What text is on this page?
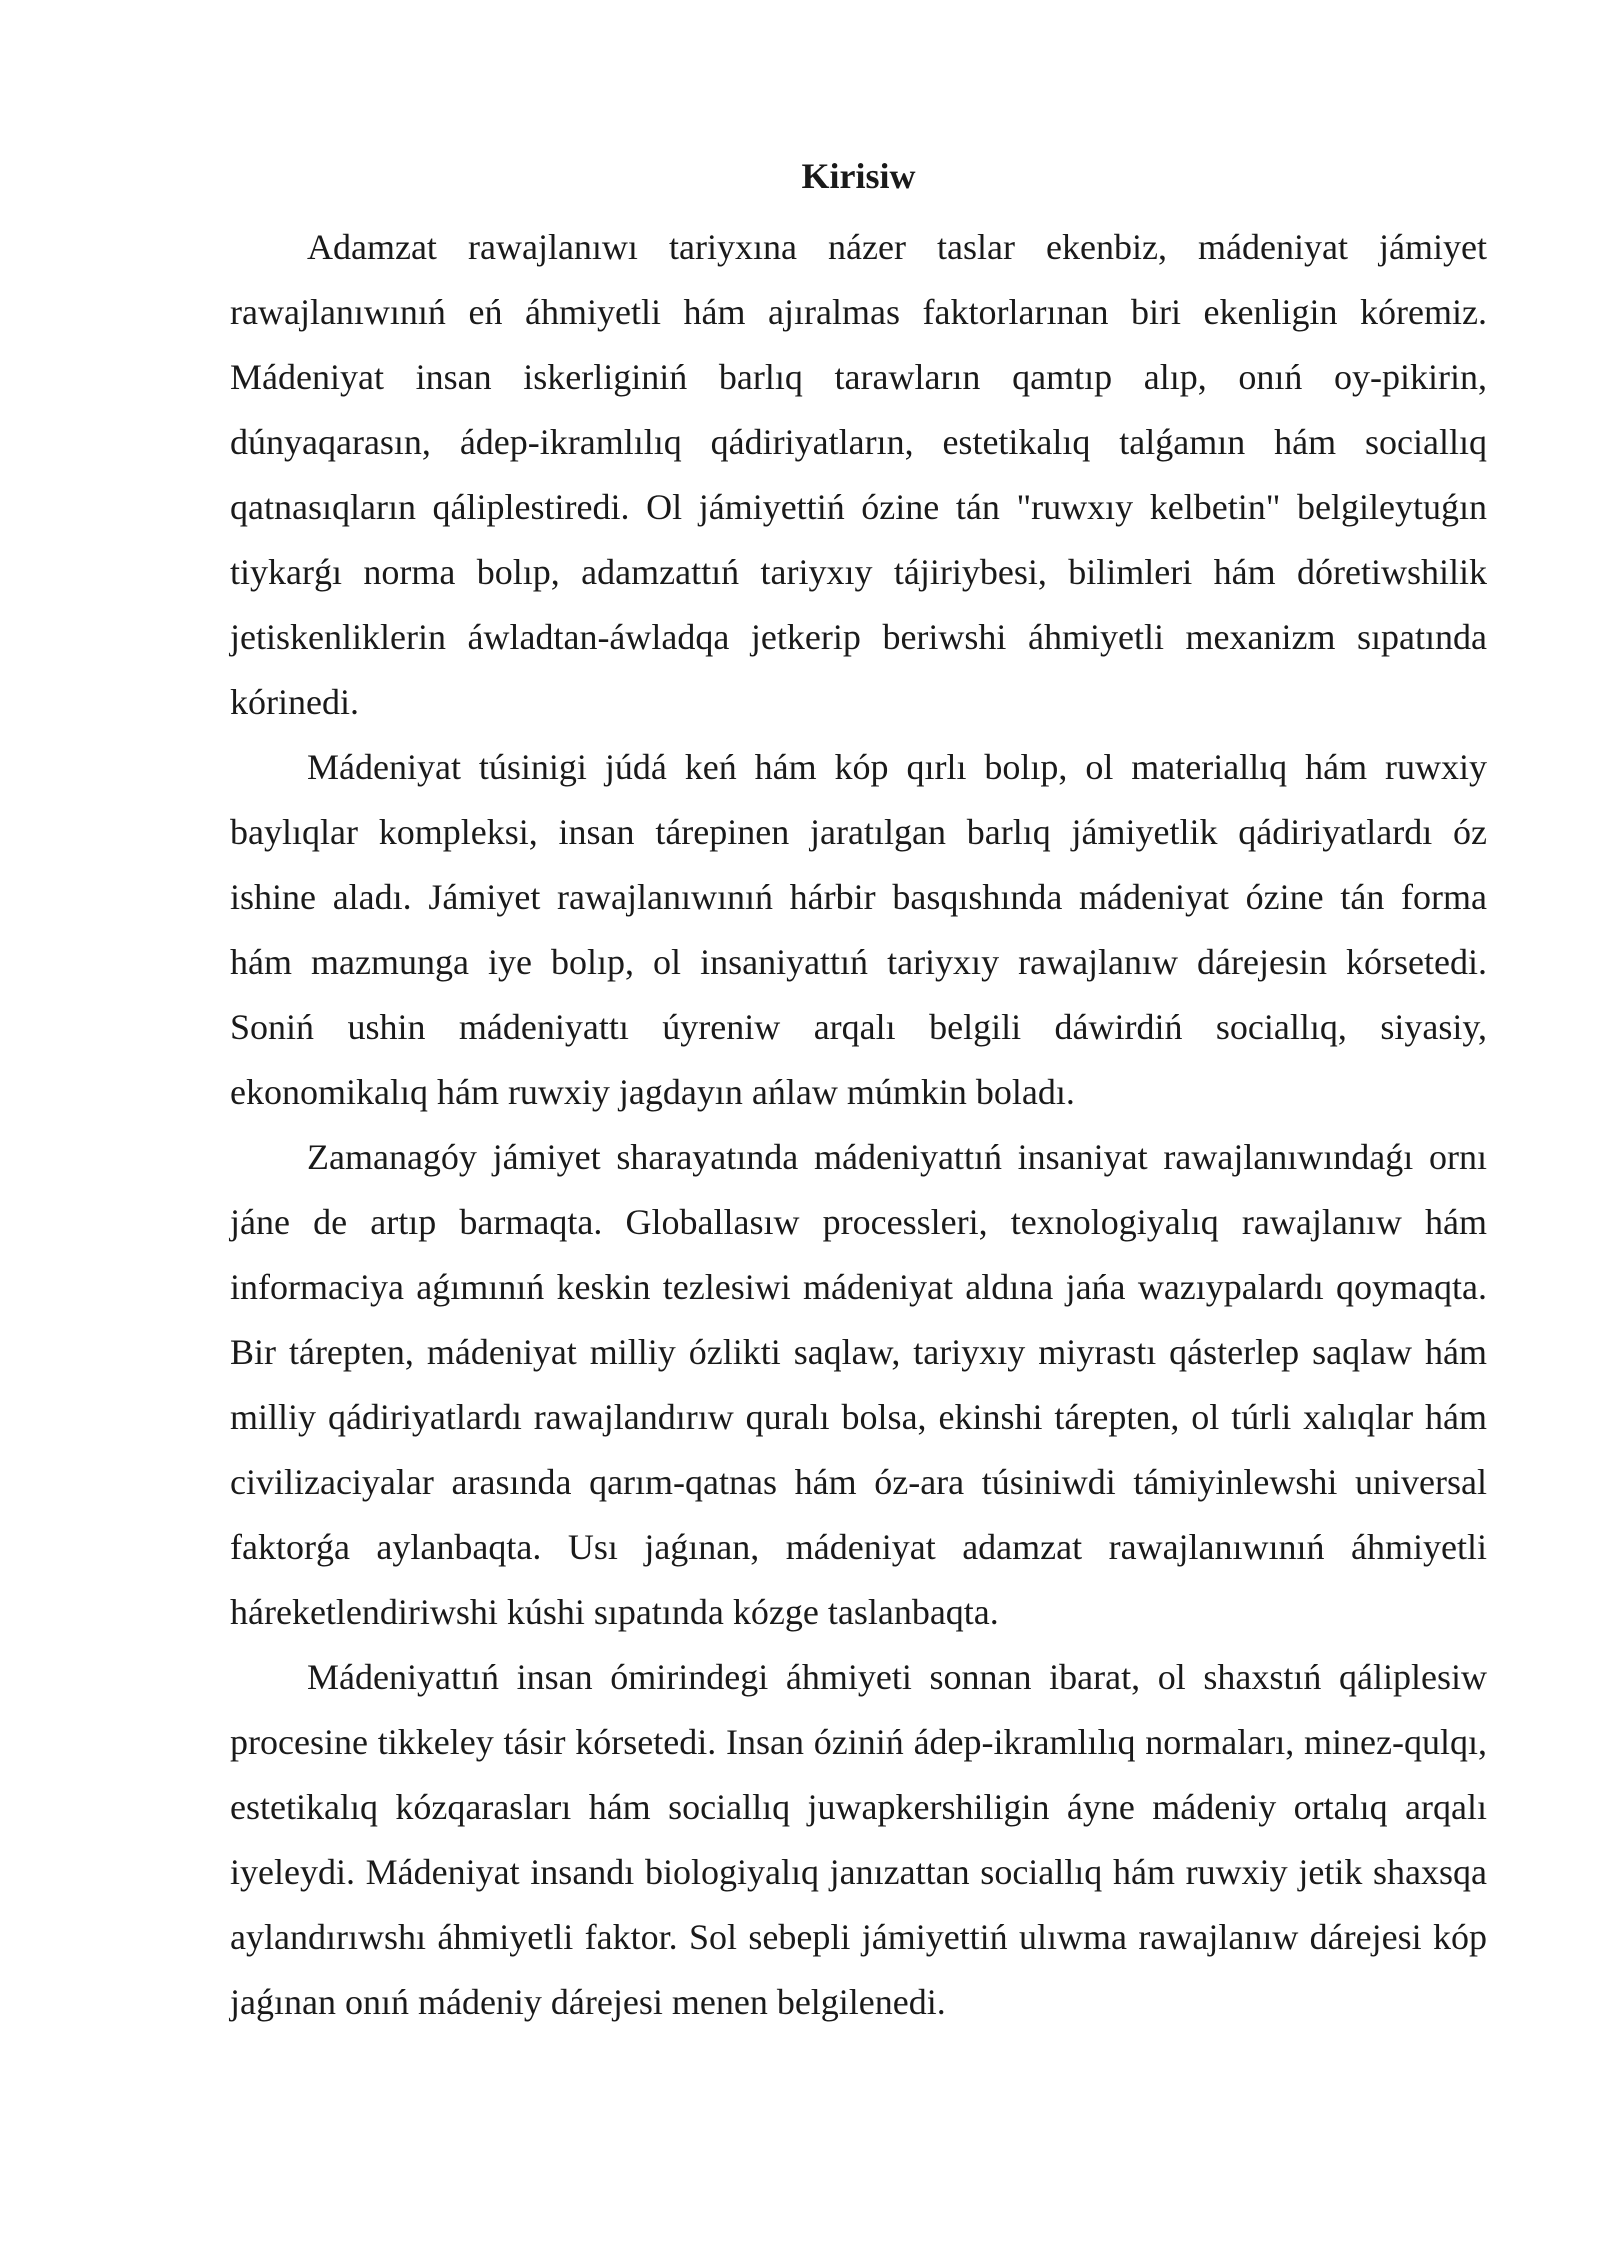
Kirisiw

Adamzat rawajlanıwı tariyxına názer taslar ekenbiz, mádeniyat jámiyet rawajlanıwınıń eń áhmiyetli hám ajıralmas faktorlarınan biri ekenligin kóremiz. Mádeniyat insan iskerliginiń barlıq tarawların qamtıp alıp, onıń oy-pikirin, dúnyaqarasın, ádep-ikramlılıq qádiriyatların, estetikalıq talǵamın hám sociallıq qatnasıqların qáliplestiredi. Ol jámiyettiń ózine tán "ruwxıy kelbetin" belgileytuǵın tiykarǵı norma bolıp, adamzattıń tariyxıy tájiriybesi, bilimleri hám dóretiwshilik jetiskenliklerin áwladtan-áwladqa jetkerip beriwshi áhmiyetli mexanizm sıpatında kórinedi.

Mádeniyat túsinigi júdá keń hám kóp qırlı bolıp, ol materiallıq hám ruwxiy baylıqlar kompleksi, insan tárepinen jaratılgan barlıq jámiyetlik qádiriyatlardı óz ishine aladı. Jámiyet rawajlanıwınıń hárbir basqıshında mádeniyat ózine tán forma hám mazmunga iye bolıp, ol insaniyattıń tariyxıy rawajlanıw dárejesin kórsetedi. Soniń ushin mádeniyattı úyreniw arqalı belgili dáwirdiń sociallıq, siyasiy, ekonomikalıq hám ruwxiy jagdayın ańlaw múmkin boladı.

Zamanagóy jámiyet sharayatında mádeniyattıń insaniyat rawajlanıwındaǵı ornı jáne de artıp barmaqta. Globallasıw processleri, texnologiyalıq rawajlanıw hám informaciya aǵımınıń keskin tezlesiwi mádeniyat aldına jańa wazıypalardı qoymaqta. Bir tárepten, mádeniyat milliy ózlikti saqlaw, tariyxıy miyrastı qásterlep saqlaw hám milliy qádiriyatlardı rawajlandırıw quralı bolsa, ekinshi tárepten, ol túrli xalıqlar hám civilizaciyalar arasında qarım-qatnas hám óz-ara túsiniwdi támiyinlewshi universal faktorǵa aylanbaqta. Usı jaǵınan, mádeniyat adamzat rawajlanıwınıń áhmiyetli háreketlendiriwshi kúshi sıpatında kózge taslanbaqta.

Mádeniyattıń insan ómirindegi áhmiyeti sonnan ibarat, ol shaxstıń qáliplesiw procesine tikkeley tásir kórsetedi. Insan óziniń ádep-ikramlılıq normaları, minez-qulqı, estetikalıq kózqarasları hám sociallıq juwapkershiligin áyne mádeniy ortalıq arqalı iyeleydi. Mádeniyat insandı biologiyalıq janızattan sociallıq hám ruwxiy jetik shaxsqa aylandırıwshı áhmiyetli faktor. Sol sebepli jámiyettiń ulıwma rawajlanıw dárejesi kóp jaǵınan onıń mádeniy dárejesi menen belgilenedi.
